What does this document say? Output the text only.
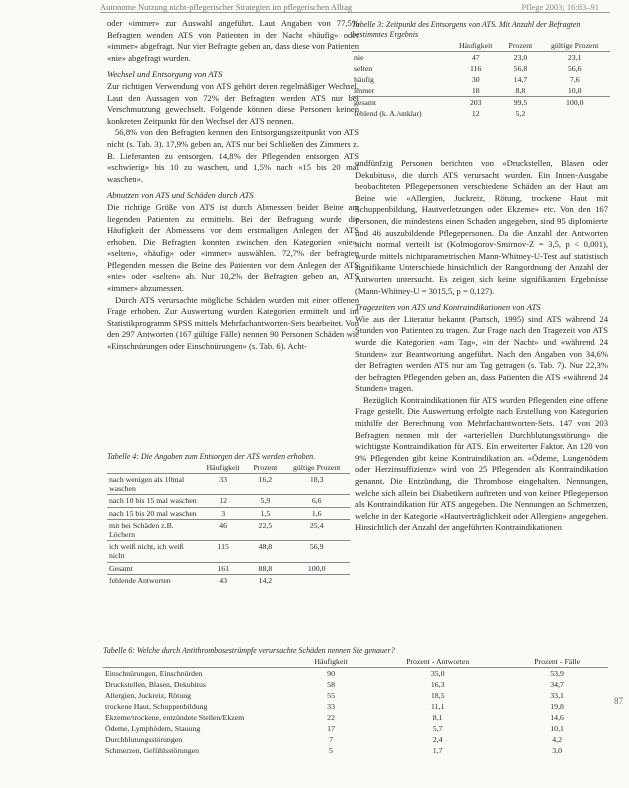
Autonome Nutzung nicht-pflegerischer Strategien im pflegerischen Alltag	Pflege 2003; 16:83–91

oder «immer» zur Auswahl angeführt. Laut Angaben von 77,5% Befragten wenden ATS von Patienten in der Nacht «häufig» oder «immer» abgefragt. Nur vier Befragte geben an, dass diese von Patienten «nie» abgefragt wurden.

Wechsel und Entsorgung von ATS

Zur richtigen Verwendung von ATS gehört deren regelmäßiger Wechsel. Laut den Aussagen von 72% der Befragten werden ATS nur bei Verschmutzung gewechselt. Folgende können diese Personen keinen konkreten Zeitpunkt für den Wechsel der ATS nennen.

56,8% von den Befragten kennen den Entsorgungszeitpunkt von ATS nicht (s. Tab. 3). 17,9% geben an, ATS nur bei Schließen des Zimmers z. B. Lieferanten zu entsorgen. 14,8% der Pflegenden entsorgen ATS «schwierig» bis 10 zu waschen, und 1,5% nach «15 bis 20 mal waschen».

Abnutzen von ATS und Schäden durch ATS

Die richtige Größe von ATS ist durch Abmessen beider Beine am liegenden Patienten zu ermitteln. Bei der Befragung wurde die Häufigkeit der Abmessens vor dem erstmaligen Anlegen der ATS erhoben. Die Befragten konnten zwischen den Kategorien «nie», «selten», «häufig» oder «immer» auswählen. 72,7% der befragten Pflegenden messen die Beine des Patienten vor dem Anlegen der ATS «nie» oder «selten» ab. Nur 10,2% der Befragten geben an, ATS «immer» abzumessen.

Durch ATS verursachte mögliche Schäden wurden mit einer offenen Frage erhoben. Zur Auswertung wurden Kategorien ermittelt und im Statistikprogramm SPSS mittels Mehrfachantworten-Sets bearbeitet. Von den 297 Antworten (167 gültige Fälle) nennen 90 Personen Schäden wie «Einschnürungen oder Einschnürungen» (s. Tab. 6). Acht-

undfünfzig Personen berichten von «Druckstellen, Blasen oder Dekubitus», die durch ATS verursacht wurden. Ein Innen-Ausgabe beobachteten Pflegepersonen verschiedene Schäden an der Haut am Beine wie «Allergien, Juckreiz, Rötung, trockene Haut mit Schuppenbildung, Hautverletzungen oder Ekzeme» etc. Von den 167 Personen, die mindestens einen Schaden angegeben, sind 95 diplomierte und 46 auszubildende Pflegepersonen. Da die Anzahl der Antworten nicht normal verteilt ist (Kolmogorov-Smirnov-Z = 3,5, p < 0,001), wurde mittels nichtparametrischen Mann-Whitney-U-Test auf statistisch signifikante Unterschiede hinsichtlich der Rangordnung der Anzahl der Antworten untersucht. Es zeigen sich keine signifikanten Ergebnisse (Mann-Whitney-U = 3015,5, p = 0,127).

Tragezeiten von ATS und Kontraindikationen von ATS

Wie aus der Literatur bekannt (Partsch, 1995) sind ATS während 24 Stunden von Patienten zu tragen. Zur Frage nach den Tragezeit von ATS wurde die Kategorien «am Tag», «in der Nacht» und «während 24 Stunden» zur Beantwortung angeführt. Nach den Angaben von 34,6% der Befragten werden ATS nur am Tag getragen (s. Tab. 7). Nur 22,3% der befragten Pflegenden geben an, dass Patienten die ATS «während 24 Stunden» tragen.

Bezüglich Kontraindikationen für ATS wurden Pflegenden eine offene Frage gestellt. Die Auswertung erfolgte nach Erstellung von Kategorien mithilfe der Berechnung von Mehrfachantworten-Sets. 147 von 203 Befragten nennen mit der «arteriellen Durchblutungsstörung» die wichtigste Kontraindikation für ATS. Ein erweiterter Faktor. An 120 von 9% Pflegenden gibt keine Kontraindikation an. «Ödeme, Lungenödem oder Herzinsuffizienz» wird von 25 Pflegenden als Kontraindikation genannt. Die Entzündung, die Thrombose eingehalten. Nennungen, welche sich allein bei Diabetikern auftreten und von keiner Pflegeperson als Kontraindikation für ATS angegeben. Die Nennungen an Schmerzen, welche in der Kategorie «Hautverträglichkeit oder Allergien» angegeben. Hinsichtlich der Anzahl der angeführten Kontraindikationen

Tabelle 3: Zeitpunkt des Entsorgens von ATS. Mit Anzahl der Befragten bestimmtes Ergebnis
	Häufigkeit	Prozent	gültige Prozent
nie	47	23,0	23,1
selten	116	56,8	56,6
häufig	30	14,7	7,6
immer	18	8,8	10,0
gesamt	203	99,5	100,0
fehlend (k. A./unklar)	12	5,2	
Tabelle 4: Die Angaben zum Entsorgen der ATS werden erhoben.
	Häufigkeit	Prozent	gültige Prozent
nach wenigen als 10mal waschen	33	16,2	18,3
nach 10 bis 15 mal waschen	12	5,9	6,6
nach 15 bis 20 mal waschen	3	1,5	1,6
mit bei Schäden z.B. Löchern	46	22,5	25,4
ich weiß nicht, ich weiß nicht	115	48,8	56,9
Gesamt	161	88,8	100,0
fehlende Antworten	43	14,2	
Tabelle 6: Welche durch Antithrombosestrümpfe verursachte Schäden nennen Sie genauer?
	Häufigkeit	Prozent - Antworten	Prozent - Fälle
Einschnürungen, Einschnürden	90	35,0	53,9
Druckstellen, Blasen, Dekubitus	58	16,3	34,7
Allergien, Juckreiz, Rötung	55	18,5	33,1
trockene Haut, Schuppenbildung	33	11,1	19,8
Ekzeme/trockene, entzündete Stellen/Ekzem	22	8,1	14,6
Ödeme, Lymphödem, Stauung	17	5,7	10,1
Durchblutungsstörungen	7	2,4	4,2
Schmerzen, Gefühlsstörungen	5	1,7	3,0
87
